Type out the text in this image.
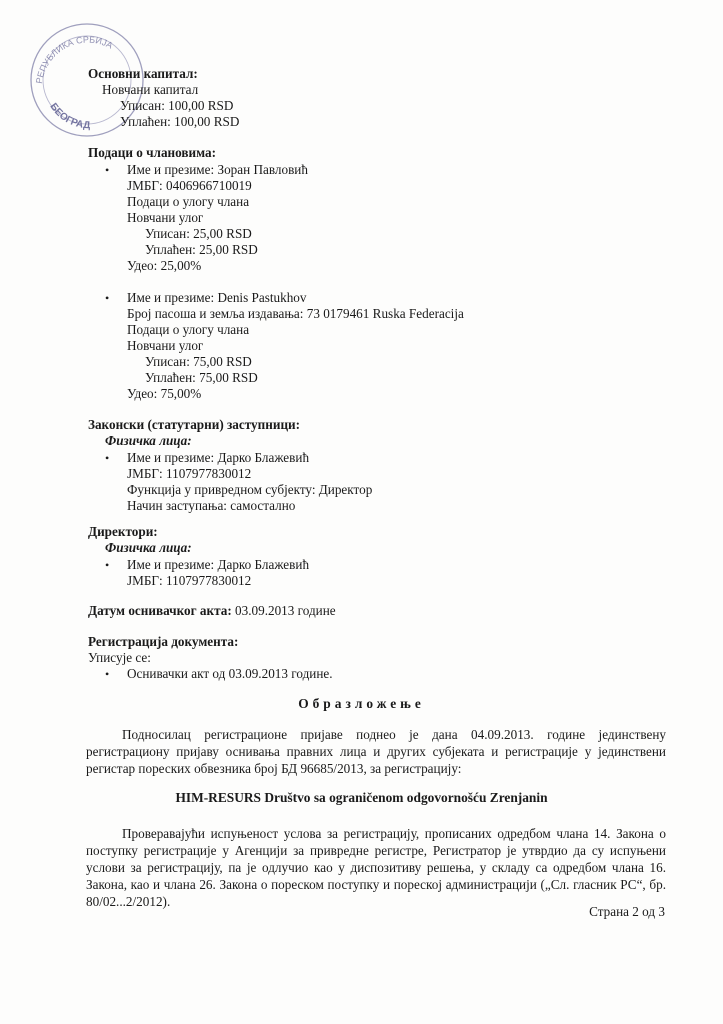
РЕПУБЛИКА СРБИЈА
БЕОГРАД
Основни капитал:
Новчани капитал
Уписан: 100,00 RSD
Уплаћен: 100,00 RSD
Подаци о члановима:
• Име и презиме: Зоран Павловић
ЈМБГ: 0406966710019
Подаци о улогу члана
Новчани улог
Уписан: 25,00 RSD
Уплаћен: 25,00 RSD
Удео: 25,00%
• Име и презиме: Denis Pastukhov
Број пасоша и земља издавања: 73 0179461 Ruska Federacija
Подаци о улогу члана
Новчани улог
Уписан: 75,00 RSD
Уплаћен: 75,00 RSD
Удео: 75,00%
Законски (статутарни) заступници:
Физичка лица:
• Име и презиме: Дарко Блажевић
ЈМБГ: 1107977830012
Функција у привредном субјекту: Директор
Начин заступања: самостално
Директори:
Физичка лица:
• Име и презиме: Дарко Блажевић
ЈМБГ: 1107977830012
Датум оснивачког акта: 03.09.2013 године
Регистрација документа:
Уписује се:
• Оснивачки акт од 03.09.2013 године.
Образложење
Подносилац регистрационе пријаве поднео је дана 04.09.2013. године јединствену регистрациону пријаву оснивања правних лица и других субјеката и регистрације у јединствени регистар пореских обвезника број БД 96685/2013, за регистрацију:
HIM-RESURS Društvo sa ograničenom odgovornošću Zrenjanin
Проверавајући испуњеност услова за регистрацију, прописаних одредбом члана 14. Закона о поступку регистрације у Агенцији за привредне регистре, Регистратор је утврдио да су испуњени услови за регистрацију, па је одлучио као у диспозитиву решења, у складу са одредбом члана 16. Закона, као и члана 26. Закона о пореском поступку и пореској администрацији („Сл. гласник РС“, бр. 80/02...2/2012).
Страна 2 од 3
